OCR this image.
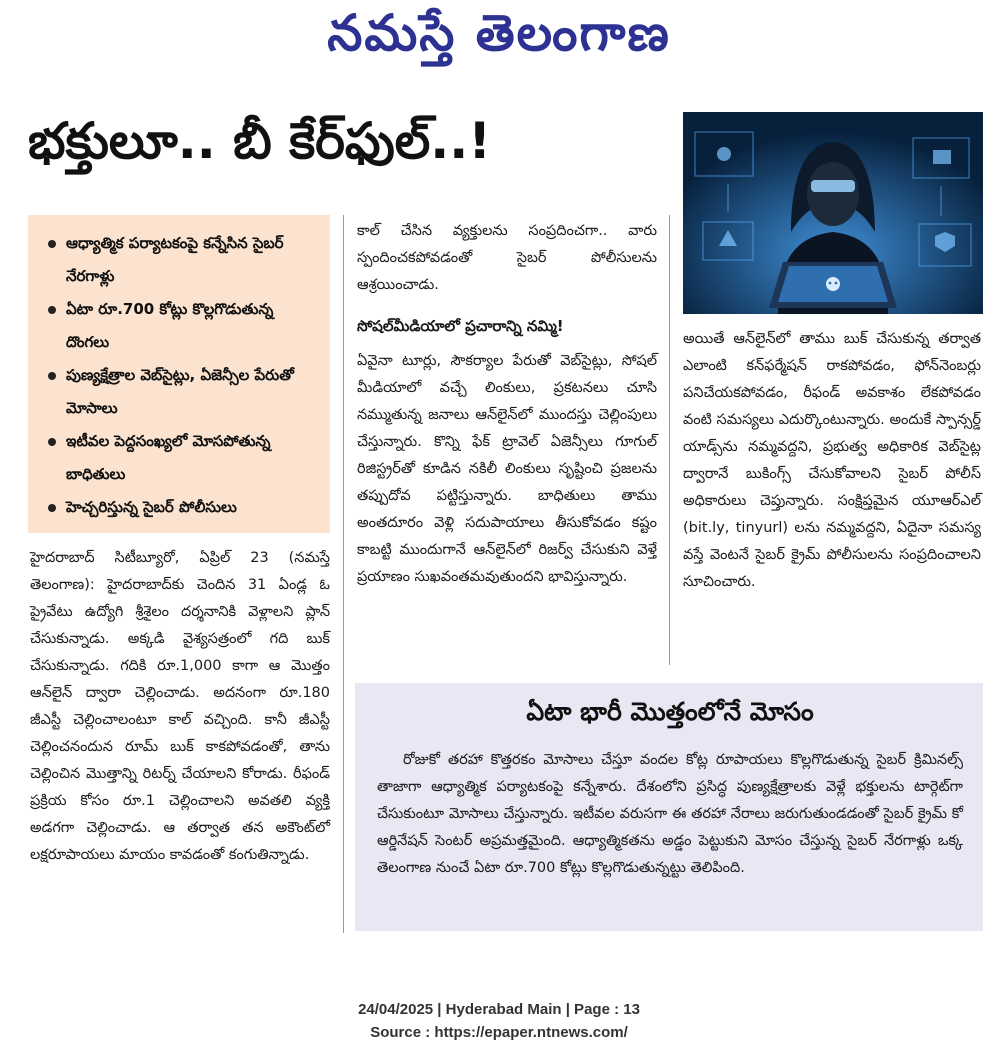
నమస్తే తెలంగాణ
భక్తులూ.. బీ కేర్‌ఫుల్..!
ఆధ్యాత్మిక పర్యాటకంపై కన్నేసిన సైబర్ నేరగాళ్లు
ఏటా రూ.700 కోట్లు కొల్లగొడుతున్న దొంగలు
పుణ్యక్షేత్రాల వెబ్‌సైట్లు, ఏజెన్సీల పేరుతో మోసాలు
ఇటీవల పెద్దసంఖ్యలో మోసపోతున్న బాధితులు
హెచ్చరిస్తున్న సైబర్ పోలీసులు
హైదరాబాద్ సిటీబ్యూరో, ఏప్రిల్ 23 (నమస్తే తెలంగాణ): హైదరాబాద్‌కు చెందిన 31 ఏండ్ల ఓ ప్రైవేటు ఉద్యోగి శ్రీశైలం దర్శనానికి వెళ్లాలని ప్లాన్ చేసుకున్నాడు. అక్కడి వైశ్యసత్రంలో గది బుక్ చేసుకున్నాడు. గదికి రూ.1,000 కాగా ఆ మొత్తం ఆన్‌లైన్ ద్వారా చెల్లించాడు. అదనంగా రూ.180 జీఎస్టీ చెల్లించాలంటూ కాల్ వచ్చింది. కానీ జీఎస్టీ చెల్లించనందున రూమ్ బుక్ కాకపోవడంతో, తాను చెల్లించిన మొత్తాన్ని రిటర్న్ చేయాలని కోరాడు. రీఫండ్ ప్రక్రియ కోసం రూ.1 చెల్లించాలని అవతలి వ్యక్తి అడగగా చెల్లించాడు. ఆ తర్వాత తన అకౌంట్‌లో లక్షరూపాయలు మాయం కావడంతో కంగుతిన్నాడు.
కాల్ చేసిన వ్యక్తులను సంప్రదించగా.. వారు స్పందించకపోవడంతో సైబర్ పోలీసులను ఆశ్రయించాడు.
సోషల్‌మీడియాలో ప్రచారాన్ని నమ్మి!
ఏవైనా టూర్లు, సౌకర్యాల పేరుతో వెబ్‌సైట్లు, సోషల్ మీడియాలో వచ్చే లింకులు, ప్రకటనలు చూసి నమ్ముతున్న జనాలు ఆన్‌లైన్‌లో ముందస్తు చెల్లింపులు చేస్తున్నారు. కొన్ని ఫేక్ ట్రావెల్ ఏజెన్సీలు గూగుల్ రిజిస్ట్రర్‌తో కూడిన నకిలీ లింకులు సృష్టించి ప్రజలను తప్పుదోవ పట్టిస్తున్నారు. బాధితులు తాము అంతదూరం వెళ్లి సదుపాయాలు తీసుకోవడం కష్టం కాబట్టి ముందుగానే ఆన్‌లైన్‌లో రిజర్వ్ చేసుకుని వెళ్తే ప్రయాణం సుఖవంతమవుతుందని భావిస్తున్నారు.
అయితే ఆన్‌లైన్‌లో తాము బుక్ చేసుకున్న తర్వాత ఎలాంటి కన్‌ఫర్మేషన్ రాకపోవడం, ఫోన్‌నెంబర్లు పనిచేయకపోవడం, రీఫండ్ అవకాశం లేకపోవడం వంటి సమస్యలు ఎదుర్కొంటున్నారు. అందుకే స్పాన్సర్డ్ యాడ్స్‌ను నమ్మవద్దని, ప్రభుత్వ అధికారిక వెబ్‌సైట్ల ద్వారానే బుకింగ్స్ చేసుకోవాలని సైబర్ పోలీస్ అధికారులు చెప్తున్నారు. సంక్షిప్తమైన యూఆర్‌ఎల్ (bit.ly, tinyurl) లను నమ్మవద్దని, ఏదైనా సమస్య వస్తే వెంటనే సైబర్ క్రైమ్ పోలీసులను సంప్రదించాలని సూచించారు.
ఏటా భారీ మొత్తంలోనే మోసం

రోజుకో తరహా కొత్తరకం మోసాలు చేస్తూ వందల కోట్ల రూపాయలు కొల్లగొడుతున్న సైబర్ క్రిమినల్స్ తాజాగా ఆధ్యాత్మిక పర్యాటకంపై కన్నేశారు. దేశంలోని ప్రసిద్ధ పుణ్యక్షేత్రాలకు వెళ్లే భక్తులను టార్గెట్‌గా చేసుకుంటూ మోసాలు చేస్తున్నారు. ఇటీవల వరుసగా ఈ తరహా నేరాలు జరుగుతుండడంతో సైబర్ క్రైమ్ కో ఆర్డినేషన్ సెంటర్ అప్రమత్తమైంది. ఆధ్యాత్మికతను అడ్డం పెట్టుకుని మోసం చేస్తున్న సైబర్ నేరగాళ్లు ఒక్క తెలంగాణ నుంచే ఏటా రూ.700 కోట్లు కొల్లగొడుతున్నట్టు తెలిపింది.

24/04/2025 | Hyderabad Main | Page : 13
Source : https://epaper.ntnews.com/
